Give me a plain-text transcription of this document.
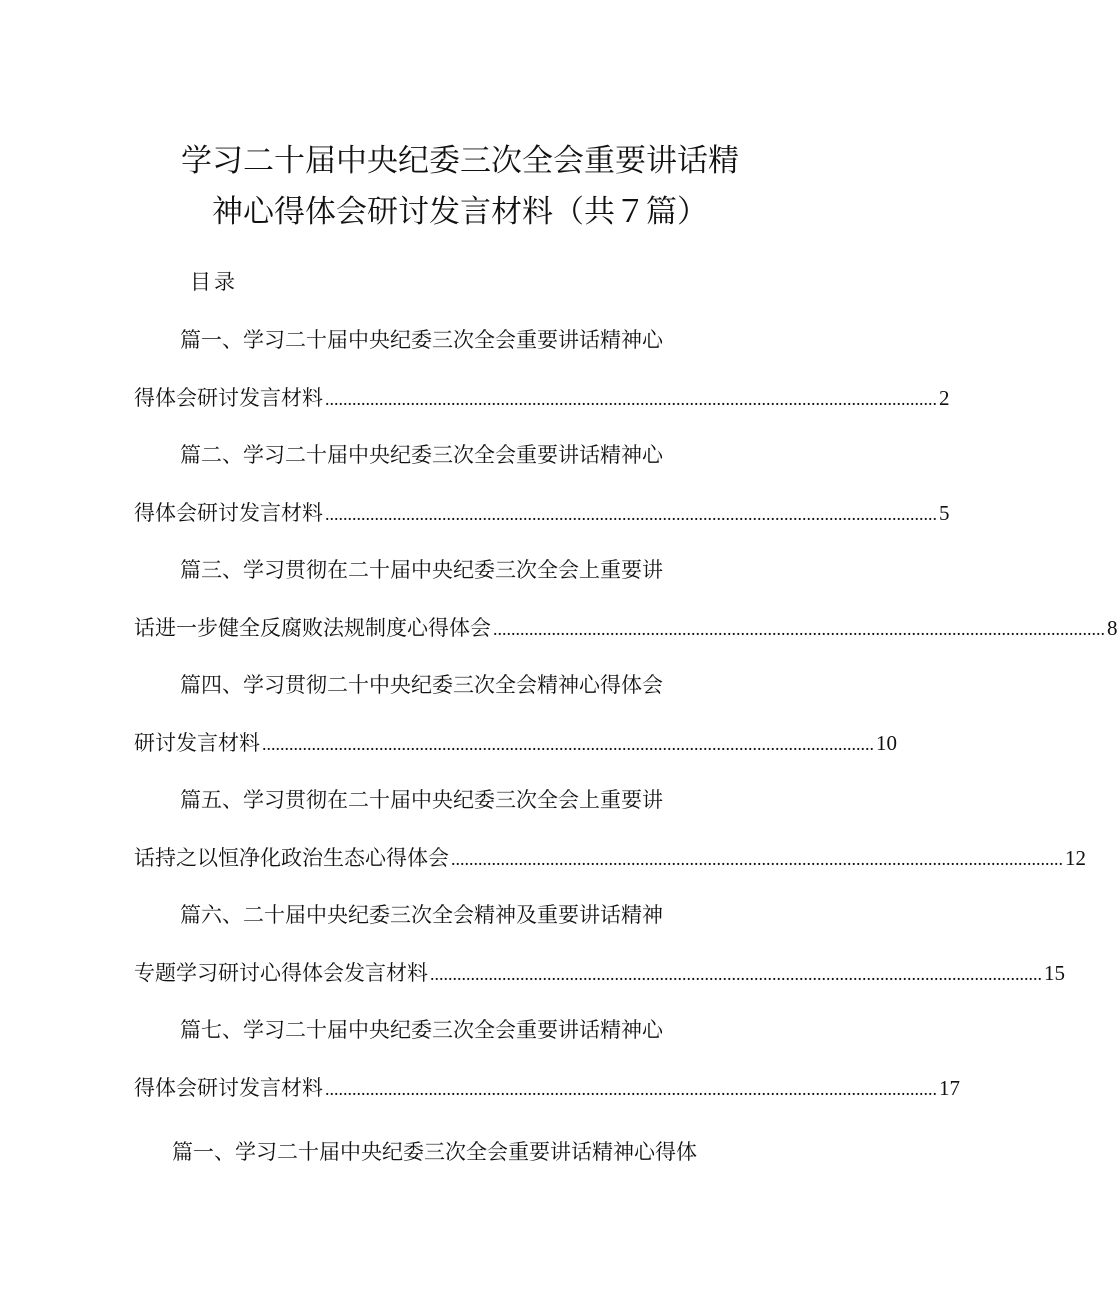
学习二十届中央纪委三次全会重要讲话精
神心得体会研讨发言材料（共７篇）
目录
篇一、学习二十届中央纪委三次全会重要讲话精神心
得体会研讨发言材料 ........................................................................................................................................ 2
篇二、学习二十届中央纪委三次全会重要讲话精神心
得体会研讨发言材料 ........................................................................................................................................ 5
篇三、学习贯彻在二十届中央纪委三次全会上重要讲
话进一步健全反腐败法规制度心得体会 ........................................................................................................................................ 8
篇四、学习贯彻二十中央纪委三次全会精神心得体会
研讨发言材料 ........................................................................................................................................ 10
篇五、学习贯彻在二十届中央纪委三次全会上重要讲
话持之以恒净化政治生态心得体会 ........................................................................................................................................ 12
篇六、二十届中央纪委三次全会精神及重要讲话精神
专题学习研讨心得体会发言材料 ........................................................................................................................................ 15
篇七、学习二十届中央纪委三次全会重要讲话精神心
得体会研讨发言材料 ........................................................................................................................................ 17
篇一、学习二十届中央纪委三次全会重要讲话精神心得体
